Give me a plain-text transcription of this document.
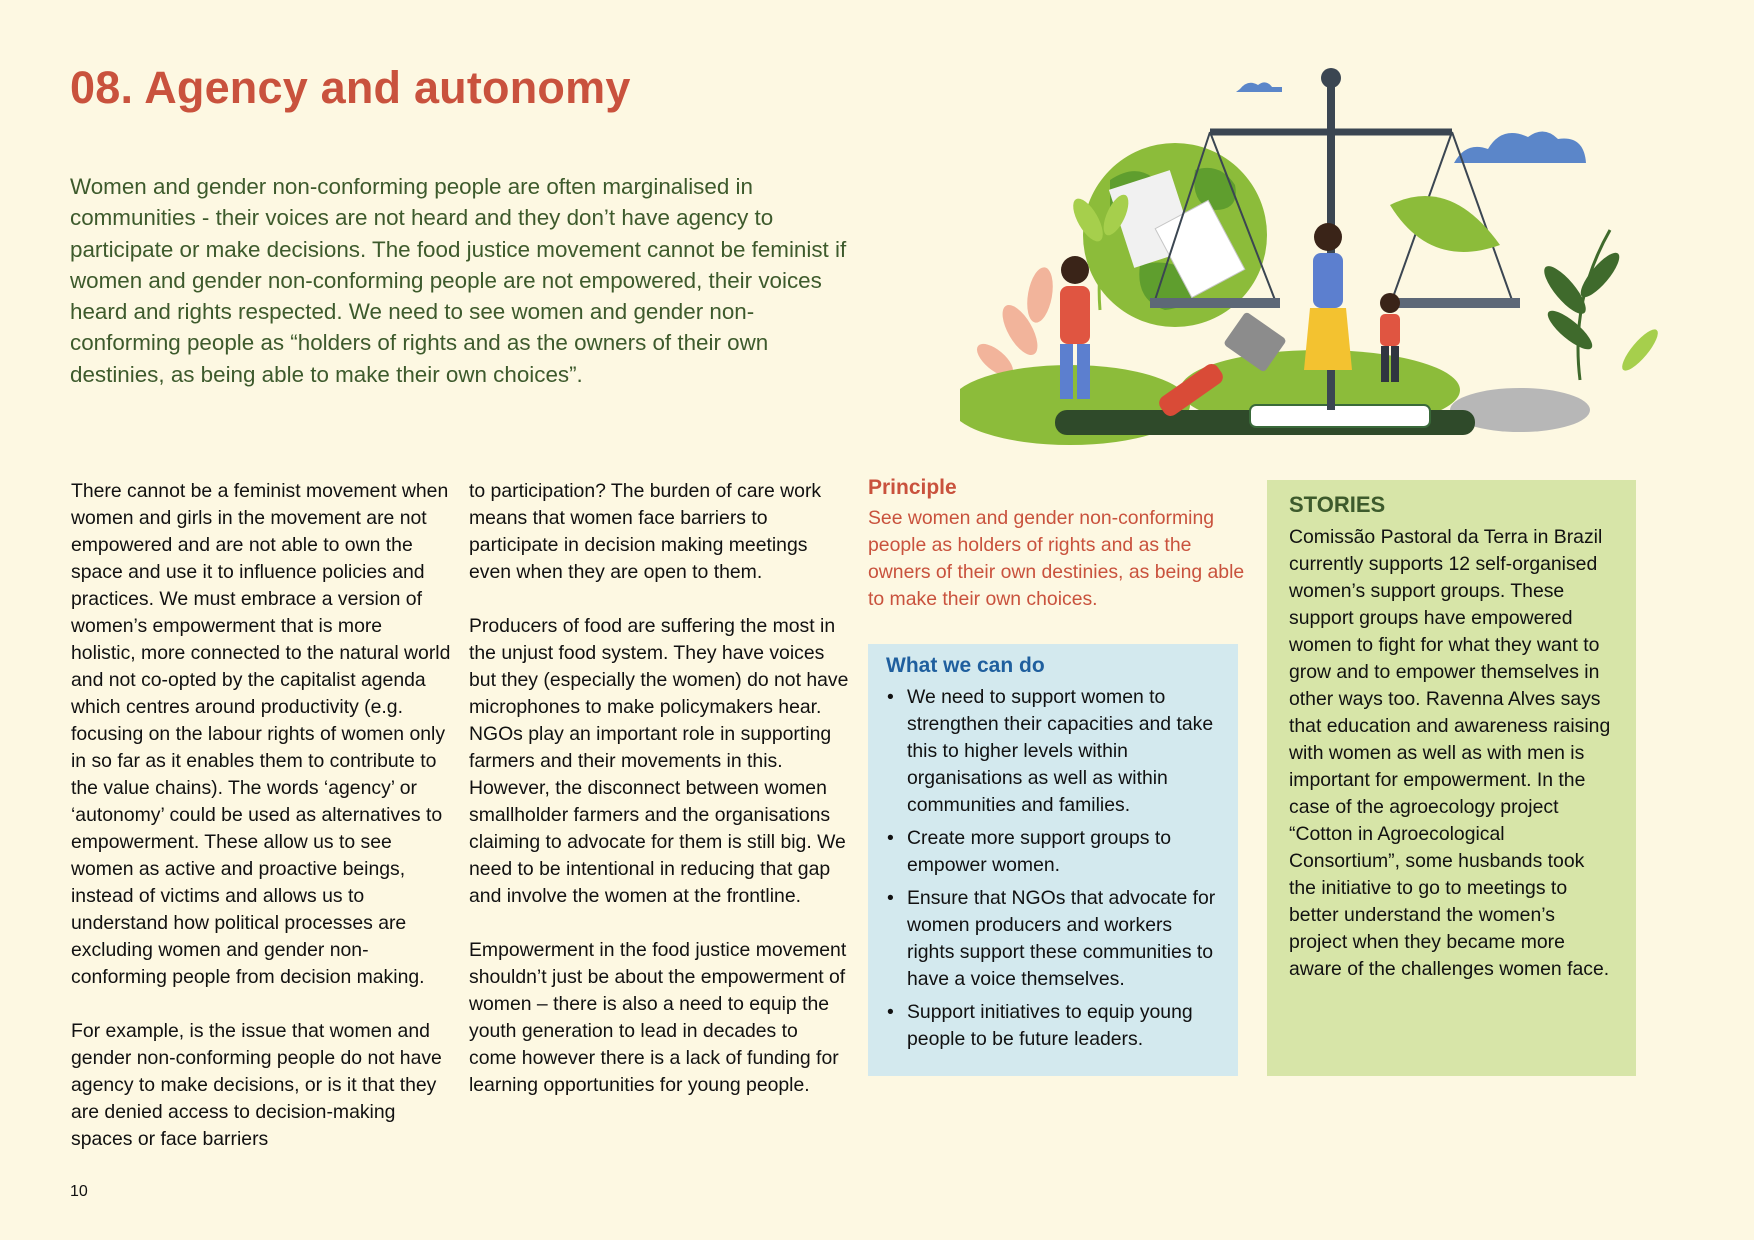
08. Agency and autonomy

Women and gender non-conforming people are often marginalised in communities - their voices are not heard and they don’t have agency to participate or make decisions. The food justice movement cannot be feminist if women and gender non-conforming people are not empowered, their voices heard and rights respected. We need to see women and gender non-conforming people as “holders of rights and as the owners of their own destinies, as being able to make their own choices”.

There cannot be a feminist movement when women and girls in the movement are not empowered and are not able to own the space and use it to influence policies and practices. We must embrace a version of women’s empowerment that is more holistic, more connected to the natural world and not co-opted by the capitalist agenda which centres around productivity (e.g. focusing on the labour rights of women only in so far as it enables them to contribute to the value chains). The words ‘agency’ or ‘autonomy’ could be used as alternatives to empowerment. These allow us to see women as active and proactive beings, instead of victims and allows us to understand how political processes are excluding women and gender non-conforming people from decision making.

For example, is the issue that women and gender non-conforming people do not have agency to make decisions, or is it that they are denied access to decision-making spaces or face barriers

to participation? The burden of care work means that women face barriers to participate in decision making meetings even when they are open to them.

Producers of food are suffering the most in the unjust food system. They have voices but they (especially the women) do not have microphones to make policymakers hear. NGOs play an important role in supporting farmers and their movements in this. However, the disconnect between women smallholder farmers and the organisations claiming to advocate for them is still big. We need to be intentional in reducing that gap and involve the women at the frontline.

Empowerment in the food justice movement shouldn’t just be about the empowerment of women – there is also a need to equip the youth generation to lead in decades to come however there is a lack of funding for learning opportunities for young people.

Principle

See women and gender non-conforming people as holders of rights and as the owners of their own destinies, as being able to make their own choices.

What we can do
• We need to support women to strengthen their capacities and take this to higher levels within organisations as well as within communities and families.
• Create more support groups to empower women.
• Ensure that NGOs that advocate for women producers and workers rights support these communities to have a voice themselves.
• Support initiatives to equip young people to be future leaders.
STORIES

Comissão Pastoral da Terra in Brazil currently supports 12 self-organised women’s support groups. These support groups have empowered women to fight for what they want to grow and to empower themselves in other ways too. Ravenna Alves says that education and awareness raising with women as well as with men is important for empowerment. In the case of the agroecology project “Cotton in Agroecological Consortium”, some husbands took the initiative to go to meetings to better understand the women’s project when they became more aware of the challenges women face.

10
